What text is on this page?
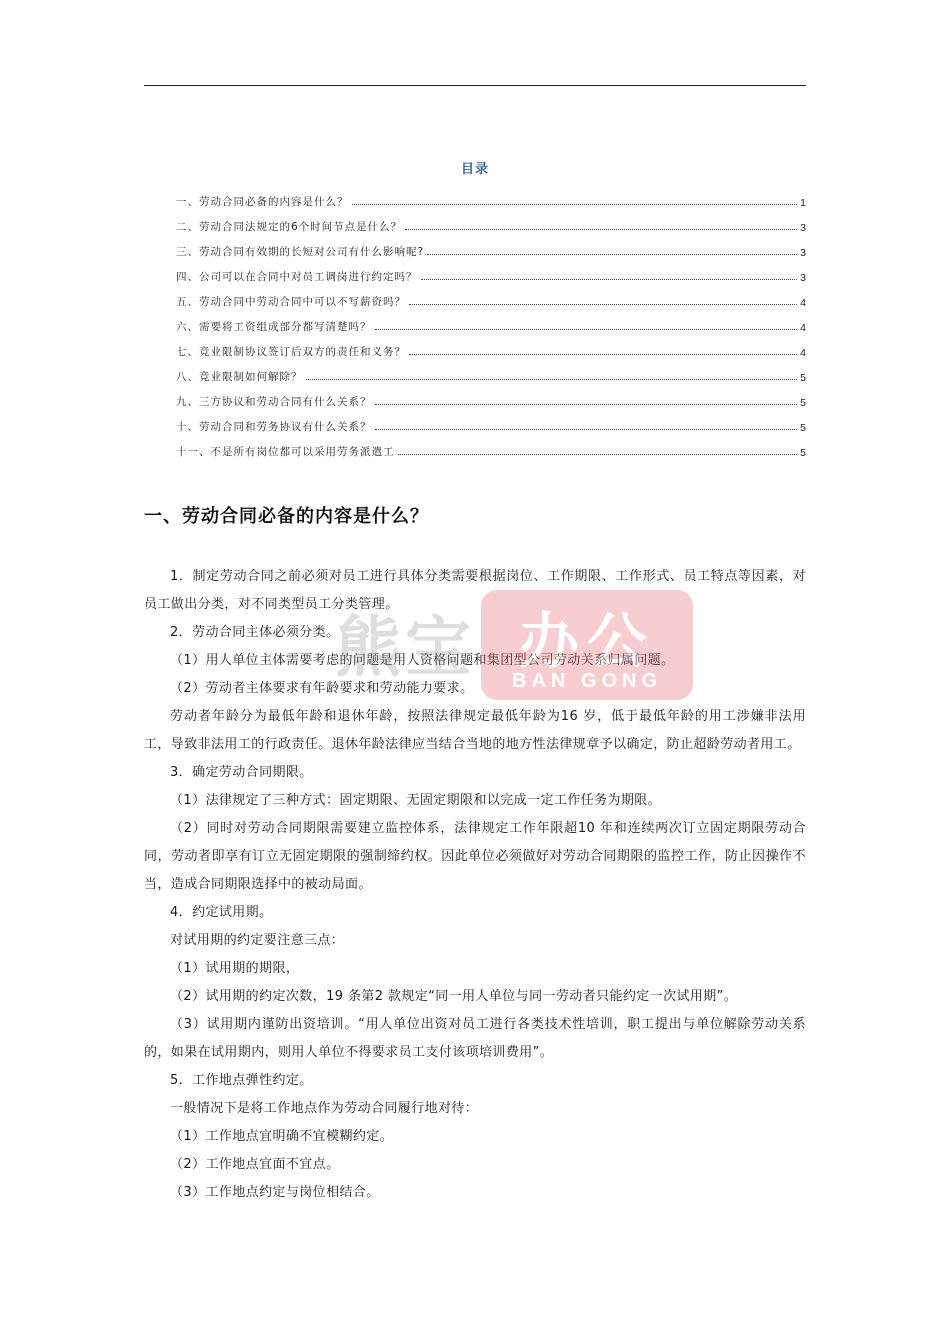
目录
一、劳动合同必备的内容是什么？	1
二、劳动合同法规定的6个时间节点是什么？	3
三、劳动合同有效期的长短对公司有什么影响呢?	3
四、公司可以在合同中对员工调岗进行约定吗？	3
五、劳动合同中劳动合同中可以不写薪资吗？	4
六、需要将工资组成部分都写清楚吗？	4
七、竞业限制协议签订后双方的责任和义务？	4
八、竞业限制如何解除？	5
九、三方协议和劳动合同有什么关系？	5
十、劳动合同和劳务协议有什么关系？	5
十一、不是所有岗位都可以采用劳务派遣工	5
一、劳动合同必备的内容是什么？

1．制定劳动合同之前必须对员工进行具体分类需要根据岗位、工作期限、工作形式、员工特点等因素，对员工做出分类，对不同类型员工分类管理。

2．劳动合同主体必须分类。

（1）用人单位主体需要考虑的问题是用人资格问题和集团型公司劳动关系归属问题。

（2）劳动者主体要求有年龄要求和劳动能力要求。

劳动者年龄分为最低年龄和退休年龄，按照法律规定最低年龄为16 岁，低于最低年龄的用工涉嫌非法用工，导致非法用工的行政责任。退休年龄法律应当结合当地的地方性法律规章予以确定，防止超龄劳动者用工。

3．确定劳动合同期限。

（1）法律规定了三种方式：固定期限、无固定期限和以完成一定工作任务为期限。

（2）同时对劳动合同期限需要建立监控体系，法律规定工作年限超10 年和连续两次订立固定期限劳动合同，劳动者即享有订立无固定期限的强制缔约权。因此单位必须做好对劳动合同期限的监控工作，防止因操作不当，造成合同期限选择中的被动局面。

4．约定试用期。

对试用期的约定要注意三点：

（1）试用期的期限，

（2）试用期的约定次数，19 条第2 款规定“同一用人单位与同一劳动者只能约定一次试用期”。

（3）试用期内谨防出资培训。“用人单位出资对员工进行各类技术性培训，职工提出与单位解除劳动关系的，如果在试用期内，则用人单位不得要求员工支付该项培训费用”。

5．工作地点弹性约定。

一般情况下是将工作地点作为劳动合同履行地对待：

（1）工作地点宜明确不宜模糊约定。

（2）工作地点宜面不宜点。

（3）工作地点约定与岗位相结合。

熊宝 办公
BAN GONG
